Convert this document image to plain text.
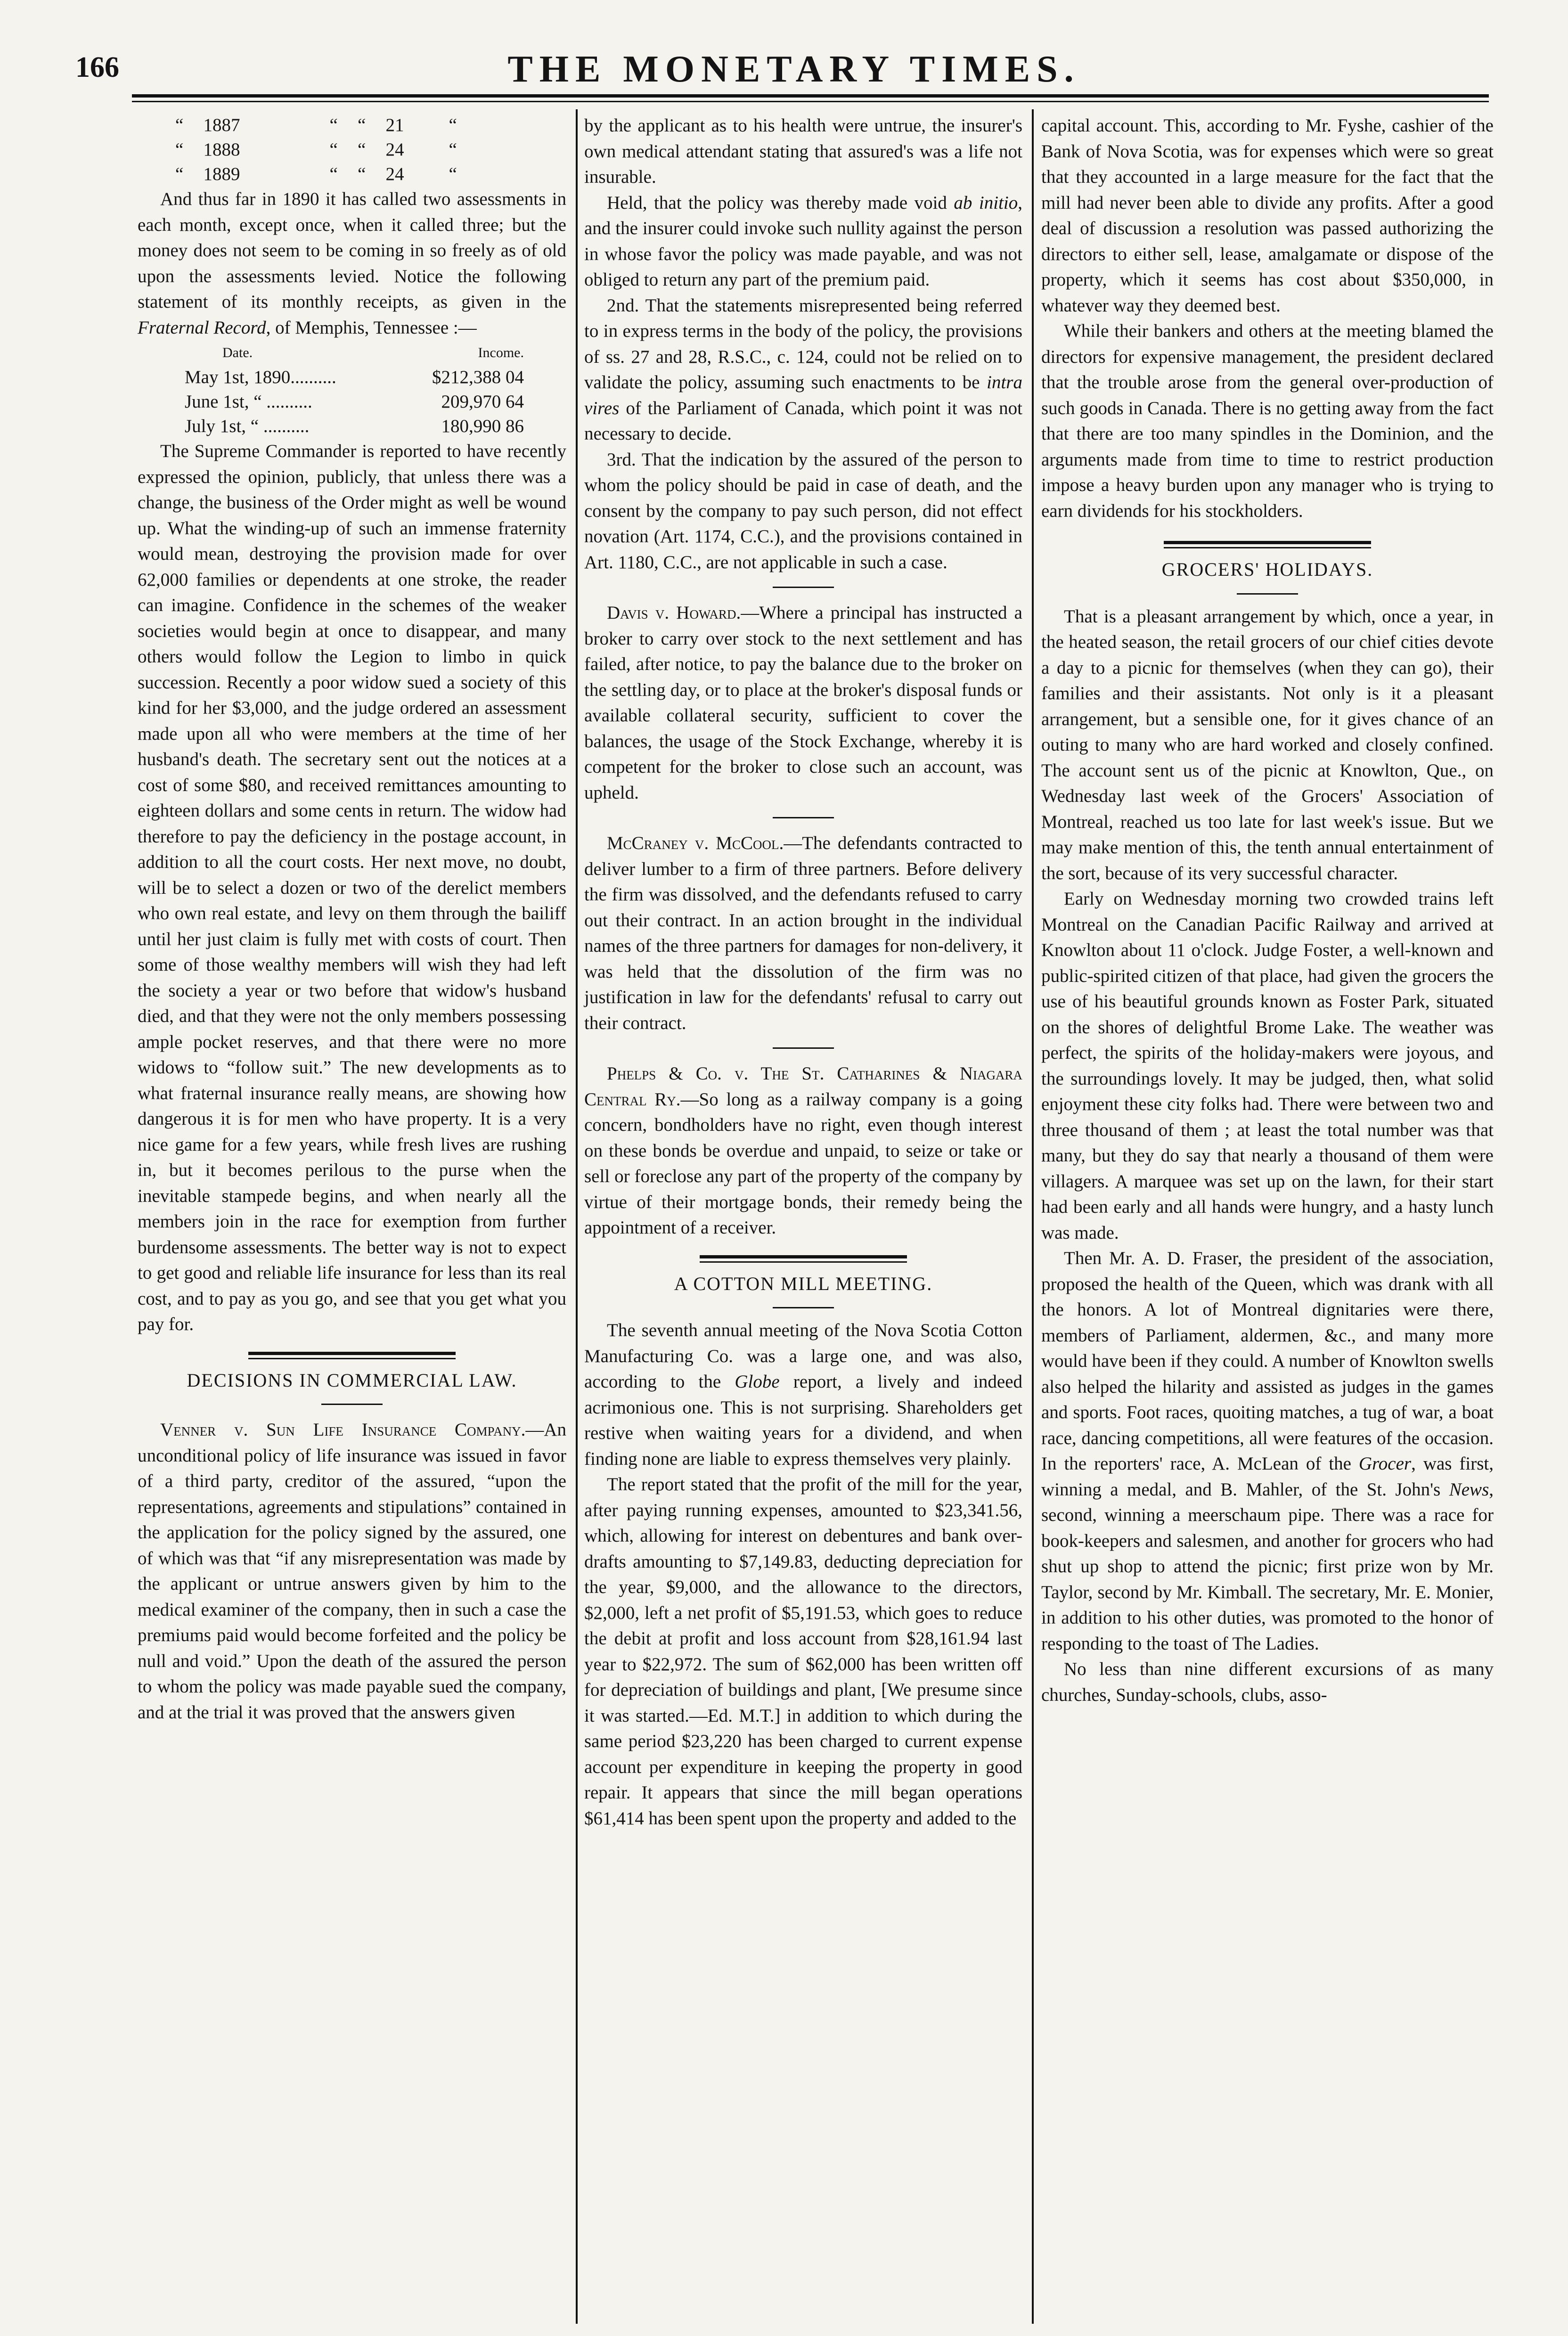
166	THE MONETARY TIMES.
“	1887	“	“	21	“
“	1888	“	“	24	“
“	1889	“	“	24	“

And thus far in 1890 it has called two assessments in each month, except once, when it called three; but the money does not seem to be coming in so freely as of old upon the assessments levied. Notice the following statement of its monthly receipts, as given in the Fraternal Record, of Memphis, Tennessee :—

Date.	Income.
May 1st, 1890..........	$212,388 04
June 1st, “ ..........	209,970 64
July 1st, “ ..........	180,990 86

The Supreme Commander is reported to have recently expressed the opinion, publicly, that unless there was a change, the business of the Order might as well be wound up. What the winding-up of such an immense fraternity would mean, destroying the provision made for over 62,000 families or dependents at one stroke, the reader can imagine. Confidence in the schemes of the weaker societies would begin at once to disappear, and many others would follow the Legion to limbo in quick succession. Recently a poor widow sued a society of this kind for her $3,000, and the judge ordered an assessment made upon all who were members at the time of her husband's death. The secretary sent out the notices at a cost of some $80, and received remittances amounting to eighteen dollars and some cents in return. The widow had therefore to pay the deficiency in the postage account, in addition to all the court costs. Her next move, no doubt, will be to select a dozen or two of the derelict members who own real estate, and levy on them through the bailiff until her just claim is fully met with costs of court. Then some of those wealthy members will wish they had left the society a year or two before that widow's husband died, and that they were not the only members possessing ample pocket reserves, and that there were no more widows to “follow suit.” The new developments as to what fraternal insurance really means, are showing how dangerous it is for men who have property. It is a very nice game for a few years, while fresh lives are rushing in, but it becomes perilous to the purse when the inevitable stampede begins, and when nearly all the members join in the race for exemption from further burdensome assessments. The better way is not to expect to get good and reliable life insurance for less than its real cost, and to pay as you go, and see that you get what you pay for.

DECISIONS IN COMMERCIAL LAW.

Venner v. Sun Life Insurance Company.—An unconditional policy of life insurance was issued in favor of a third party, creditor of the assured, “upon the representations, agreements and stipulations” contained in the application for the policy signed by the assured, one of which was that “if any misrepresentation was made by the applicant or untrue answers given by him to the medical examiner of the company, then in such a case the premiums paid would become forfeited and the policy be null and void.” Upon the death of the assured the person to whom the policy was made payable sued the company, and at the trial it was proved that the answers given

by the applicant as to his health were untrue, the insurer's own medical attendant stating that assured's was a life not insurable.

Held, that the policy was thereby made void ab initio, and the insurer could invoke such nullity against the person in whose favor the policy was made payable, and was not obliged to return any part of the premium paid.

2nd. That the statements misrepresented being referred to in express terms in the body of the policy, the provisions of ss. 27 and 28, R.S.C., c. 124, could not be relied on to validate the policy, assuming such enactments to be intra vires of the Parliament of Canada, which point it was not necessary to decide.

3rd. That the indication by the assured of the person to whom the policy should be paid in case of death, and the consent by the company to pay such person, did not effect novation (Art. 1174, C.C.), and the provisions contained in Art. 1180, C.C., are not applicable in such a case.

Davis v. Howard.—Where a principal has instructed a broker to carry over stock to the next settlement and has failed, after notice, to pay the balance due to the broker on the settling day, or to place at the broker's disposal funds or available collateral security, sufficient to cover the balances, the usage of the Stock Exchange, whereby it is competent for the broker to close such an account, was upheld.

McCraney v. McCool.—The defendants contracted to deliver lumber to a firm of three partners. Before delivery the firm was dissolved, and the defendants refused to carry out their contract. In an action brought in the individual names of the three partners for damages for non-delivery, it was held that the dissolution of the firm was no justification in law for the defendants' refusal to carry out their contract.

Phelps & Co. v. The St. Catharines & Niagara Central Ry.—So long as a railway company is a going concern, bondholders have no right, even though interest on these bonds be overdue and unpaid, to seize or take or sell or foreclose any part of the property of the company by virtue of their mortgage bonds, their remedy being the appointment of a receiver.

A COTTON MILL MEETING.

The seventh annual meeting of the Nova Scotia Cotton Manufacturing Co. was a large one, and was also, according to the Globe report, a lively and indeed acrimonious one. This is not surprising. Shareholders get restive when waiting years for a dividend, and when finding none are liable to express themselves very plainly.

The report stated that the profit of the mill for the year, after paying running expenses, amounted to $23,341.56, which, allowing for interest on debentures and bank over-drafts amounting to $7,149.83, deducting depreciation for the year, $9,000, and the allowance to the directors, $2,000, left a net profit of $5,191.53, which goes to reduce the debit at profit and loss account from $28,161.94 last year to $22,972. The sum of $62,000 has been written off for depreciation of buildings and plant, [We presume since it was started.—Ed. M.T.] in addition to which during the same period $23,220 has been charged to current expense account per expenditure in keeping the property in good repair. It appears that since the mill began operations $61,414 has been spent upon the property and added to the

capital account. This, according to Mr. Fyshe, cashier of the Bank of Nova Scotia, was for expenses which were so great that they accounted in a large measure for the fact that the mill had never been able to divide any profits. After a good deal of discussion a resolution was passed authorizing the directors to either sell, lease, amalgamate or dispose of the property, which it seems has cost about $350,000, in whatever way they deemed best.

While their bankers and others at the meeting blamed the directors for expensive management, the president declared that the trouble arose from the general over-production of such goods in Canada. There is no getting away from the fact that there are too many spindles in the Dominion, and the arguments made from time to time to restrict production impose a heavy burden upon any manager who is trying to earn dividends for his stockholders.

GROCERS' HOLIDAYS.

That is a pleasant arrangement by which, once a year, in the heated season, the retail grocers of our chief cities devote a day to a picnic for themselves (when they can go), their families and their assistants. Not only is it a pleasant arrangement, but a sensible one, for it gives chance of an outing to many who are hard worked and closely confined. The account sent us of the picnic at Knowlton, Que., on Wednesday last week of the Grocers' Association of Montreal, reached us too late for last week's issue. But we may make mention of this, the tenth annual entertainment of the sort, because of its very successful character.

Early on Wednesday morning two crowded trains left Montreal on the Canadian Pacific Railway and arrived at Knowlton about 11 o'clock. Judge Foster, a well-known and public-spirited citizen of that place, had given the grocers the use of his beautiful grounds known as Foster Park, situated on the shores of delightful Brome Lake. The weather was perfect, the spirits of the holiday-makers were joyous, and the surroundings lovely. It may be judged, then, what solid enjoyment these city folks had. There were between two and three thousand of them ; at least the total number was that many, but they do say that nearly a thousand of them were villagers. A marquee was set up on the lawn, for their start had been early and all hands were hungry, and a hasty lunch was made.

Then Mr. A. D. Fraser, the president of the association, proposed the health of the Queen, which was drank with all the honors. A lot of Montreal dignitaries were there, members of Parliament, aldermen, &c., and many more would have been if they could. A number of Knowlton swells also helped the hilarity and assisted as judges in the games and sports. Foot races, quoiting matches, a tug of war, a boat race, dancing competitions, all were features of the occasion. In the reporters' race, A. McLean of the Grocer, was first, winning a medal, and B. Mahler, of the St. John's News, second, winning a meerschaum pipe. There was a race for book-keepers and salesmen, and another for grocers who had shut up shop to attend the picnic; first prize won by Mr. Taylor, second by Mr. Kimball. The secretary, Mr. E. Monier, in addition to his other duties, was promoted to the honor of responding to the toast of The Ladies.

No less than nine different excursions of as many churches, Sunday-schools, clubs, asso-
